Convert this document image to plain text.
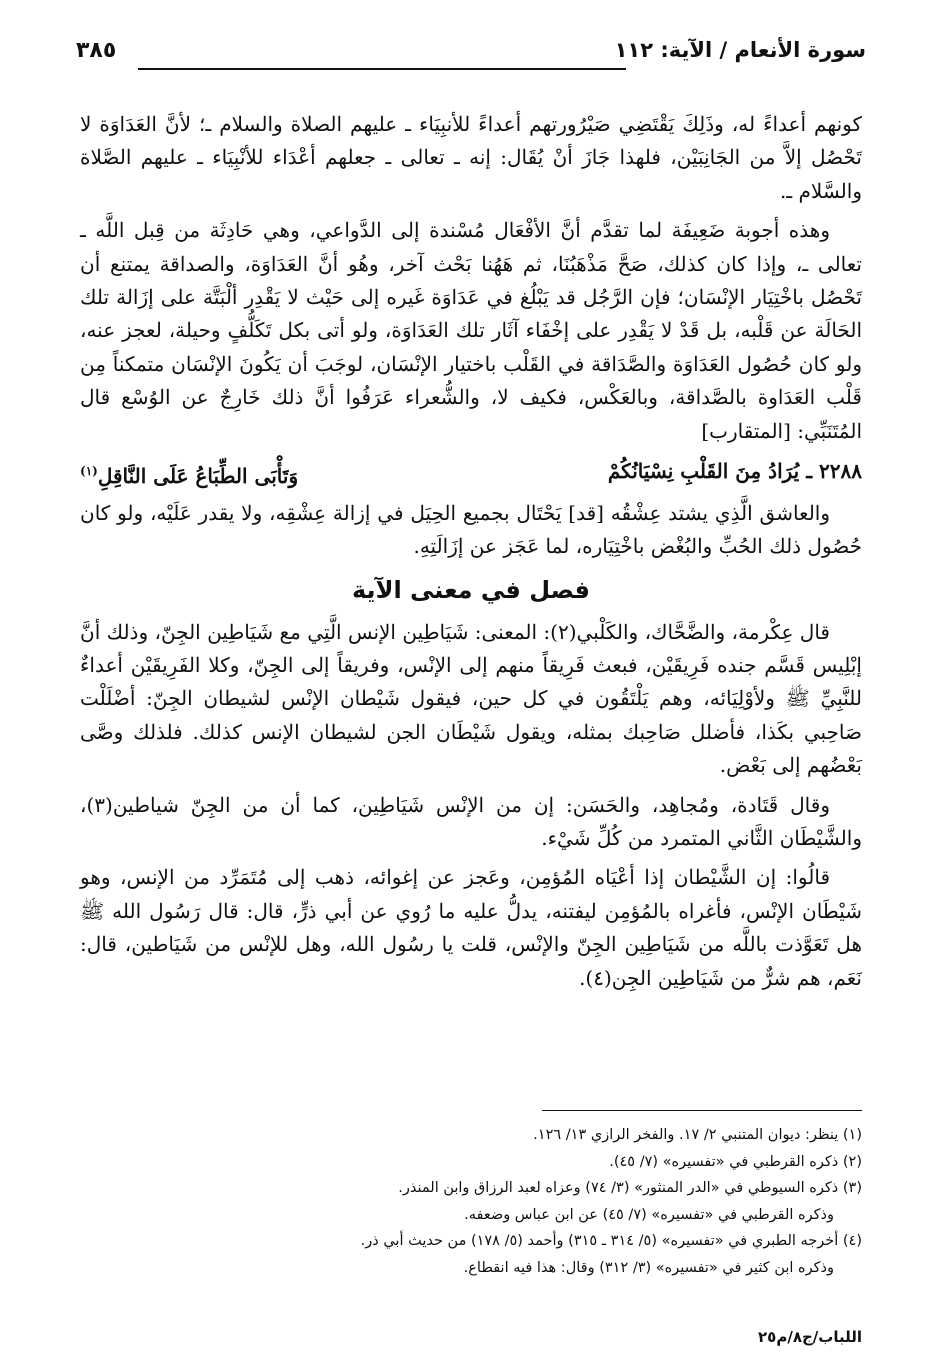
سورة الأنعام / الآية: ١١٢
٣٨٥

كونهم أعداءً له، وذَلِكَ يَقْتَضِي صَيْرُورتهم أعداءً للأنبِيَاء ـ عليهم الصلاة والسلام ـ؛ لأنَّ العَدَاوَة لا تَحْصُل إلاَّ من الجَانِبَيْن، فلهذا جَازَ أنْ يُقَال: إنه ـ تعالى ـ جعلهم أعْدَاء للأنْبِيَاء ـ عليهم الصَّلاة والسَّلام ـ.

وهذه أجوبة ضَعِيفَة لما تقدَّم أنَّ الأفْعَال مُسْندة إلى الدَّواعي، وهي حَادِثَة من قِبل اللَّه ـ تعالى ـ، وإذا كان كذلك، صَحَّ مَذْهَبُنَا، ثم هَهُنا بَحْث آخر، وهُو أنَّ العَدَاوَة، والصداقة يمتنع أن تَحْصُل باخْتِيَار الإنْسَان؛ فإن الرَّجُل قد يَبْلُغ في عَدَاوَة غَيره إلى حَيْث لا يَقْدِر ألْبَتَّة على إزَالة تلك الحَالَة عن قَلْبه، بل قَدْ لا يَقْدِر على إخْفَاء آثَار تلك العَدَاوَة، ولو أتى بكل تَكَلُّفٍ وحيلة، لعجز عنه، ولو كان حُصُول العَدَاوَة والصَّدَاقة في القَلْب باختيار الإنْسَان، لوجَبَ أن يَكُونَ الإنْسَان متمكناً مِن قَلْب العَدَاوة بالصَّداقة، وبالعَكْس، فكيف لا، والشُّعراء عَرَفُوا أنَّ ذلك خَارِجٌ عن الوُسْع قال المُتَنَبِّي: [المتقارب]

٢٢٨٨ ـ يُرَادُ مِنَ القَلْبِ نِسْيَانُكُمْ
وَتَأْبَى الطِّبَاعُ عَلَى النَّاقِلِ$^{(١)}$

والعاشق الَّذِي يشتد عِشْقُه [قد] يَحْتَال بجميع الحِيَل في إزالة عِشْقِه، ولا يقدر عَلَيْه، ولو كان حُصُول ذلك الحُبِّ والبُغْض باخْتِيَاره، لما عَجَز عن إزَالَتِهِ.

فصل في معنى الآية

قال عِكْرمة، والضَّحَّاك، والكَلْبي(٢): المعنى: شَيَاطِين الإنس الَّتِي مع شَيَاطِين الجِنّ، وذلك أنَّ إبْلِيس قَسَّم جنده فَرِيقَيْن، فبعث فَرِيقاً منهم إلى الإنْس، وفريقاً إلى الجِنّ، وكلا الفَرِيقَيْن أعداءٌ للنَّبِيِّ ﷺ ولأوْلِيَائه، وهم يَلْتَقُون في كل حين، فيقول شَيْطان الإنْس لشيطان الجِنّ: أضْلَلْت صَاحِبي بكَذا، فأضلل صَاحِبك بمثله، ويقول شَيْطَان الجن لشيطان الإنس كذلك. فلذلك وصَّى بَعْضُهم إلى بَعْض.

وقال قَتَادة، ومُجاهِد، والحَسَن: إن من الإنْس شَيَاطِين، كما أن من الجِنّ شياطين(٣)، والشَّيْطَان الثَّاني المتمرد من كُلِّ شَيْء.

قالُوا: إن الشَّيْطان إذا أعْيَاه المُؤمِن، وعَجز عن إغوائه، ذهب إلى مُتَمَرِّد من الإنس، وهو شَيْطَان الإنْس، فأغراه بالمُؤمِن ليفتنه، يدلُّ عليه ما رُوي عن أبي ذرٍّ، قال: قال رَسُول الله ﷺ هل تَعَوَّذت باللَّه من شَيَاطِين الجِنّ والإنْس، قلت يا رسُول الله، وهل للإنْس من شَيَاطين، قال: نَعَم، هم شرٌّ من شَيَاطِين الجِن(٤).

(١) ينظر: ديوان المتنبي ٢/ ١٧. والفخر الرازي ١٣/ ١٢٦.

(٢) ذكره القرطبي في «تفسيره» (٧/ ٤٥).

(٣) ذكره السيوطي في «الدر المنثور» (٣/ ٧٤) وعزاه لعبد الرزاق وابن المنذر.

وذكره القرطبي في «تفسيره» (٧/ ٤٥) عن ابن عباس وضعفه.

(٤) أخرجه الطبري في «تفسيره» (٥/ ٣١٤ ـ ٣١٥) وأحمد (٥/ ١٧٨) من حديث أبي ذر.

وذكره ابن كثير في «تفسيره» (٣/ ٣١٢) وقال: هذا فيه انقطاع.

اللباب/ج٨/م٢٥
